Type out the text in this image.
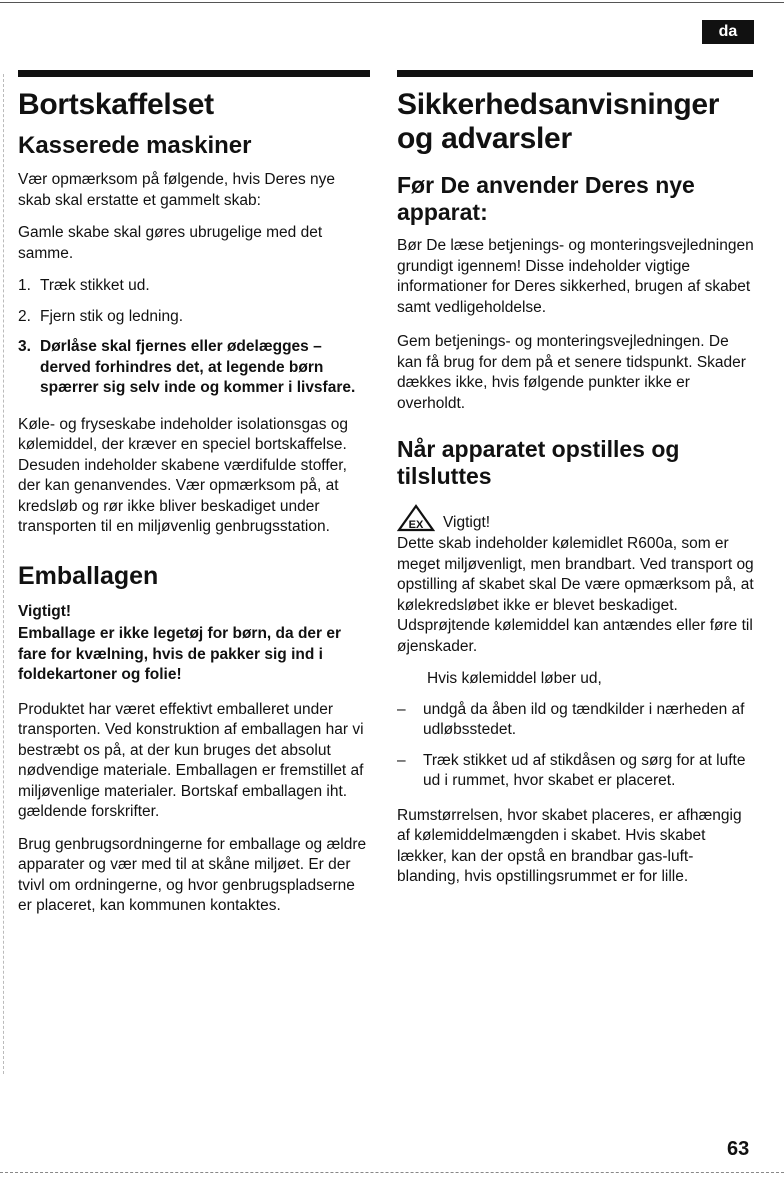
da
Bortskaffelset
Kasserede maskiner

Vær opmærksom på følgende, hvis Deres nye skab skal erstatte et gammelt skab:

Gamle skabe skal gøres ubrugelige med det samme.

1. Træk stikket ud.
2. Fjern stik og ledning.
3. Dørlåse skal fjernes eller ødelægges – derved forhindres det, at legende børn spærrer sig selv inde og kommer i livsfare.

Køle- og fryseskabe indeholder isolationsgas og kølemiddel, der kræver en speciel bortskaffelse. Desuden indeholder skabene værdifulde stoffer, der kan genanvendes. Vær opmærksom på, at kredsløb og rør ikke bliver beskadiget under transporten til en miljøvenlig genbrugsstation.

Emballagen

Vigtigt!

Emballage er ikke legetøj for børn, da der er fare for kvælning, hvis de pakker sig ind i foldekartoner og folie!

Produktet har været effektivt emballeret under transporten. Ved konstruktion af emballagen har vi bestræbt os på, at der kun bruges det absolut nødvendige materiale. Emballagen er fremstillet af miljøvenlige materialer. Bortskaf emballagen iht. gældende forskrifter.

Brug genbrugsordningerne for emballage og ældre apparater og vær med til at skåne miljøet. Er der tvivl om ordningerne, og hvor genbrugspladserne er placeret, kan kommunen kontaktes.

Sikkerhedsanvisninger og advarsler
Før De anvender Deres nye apparat:

Bør De læse betjenings- og monteringsvejledningen grundigt igennem! Disse indeholder vigtige informationer for Deres sikkerhed, brugen af skabet samt vedligeholdelse.

Gem betjenings- og monteringsvejledningen. De kan få brug for dem på et senere tidspunkt. Skader dækkes ikke, hvis følgende punkter ikke er overholdt.

Når apparatet opstilles og tilsluttes
EX Vigtigt!

Dette skab indeholder kølemidlet R600a, som er meget miljøvenligt, men brandbart. Ved transport og opstilling af skabet skal De være opmærksom på, at kølekredsløbet ikke er blevet beskadiget. Udsprøjtende kølemiddel kan antændes eller føre til øjenskader.

Hvis kølemiddel løber ud,

–	undgå da åben ild og tændkilder i nærheden af udløbsstedet.
–	Træk stikket ud af stikdåsen og sørg for at lufte ud i rummet, hvor skabet er placeret.

Rumstørrelsen, hvor skabet placeres, er afhængig af kølemiddelmængden i skabet. Hvis skabet lækker, kan der opstå en brandbar gas-luft-blanding, hvis opstillingsrummet er for lille.

63
